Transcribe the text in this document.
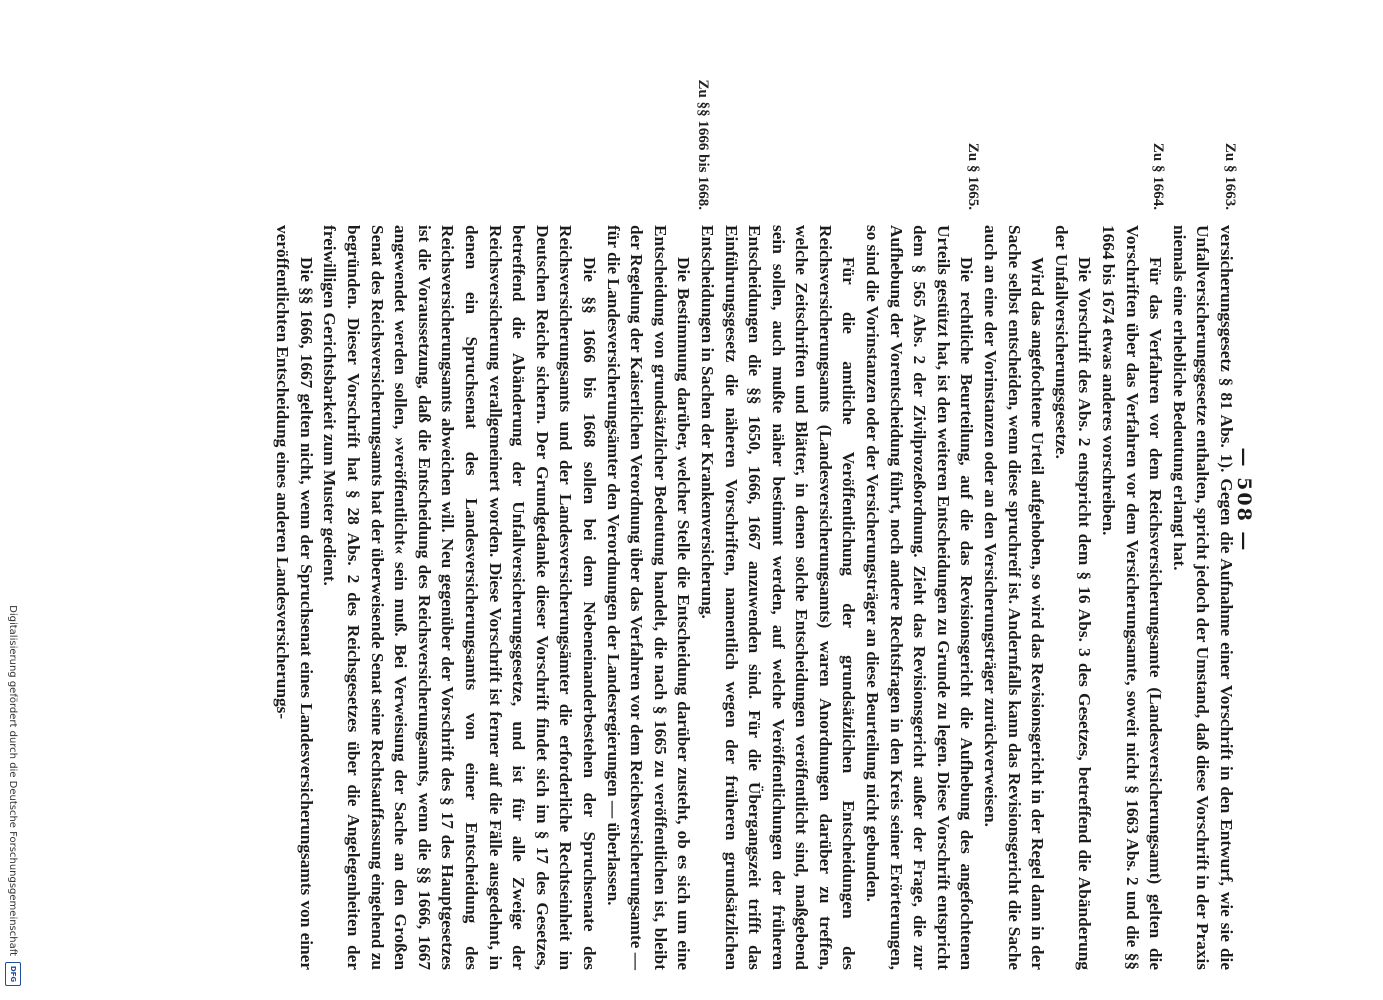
— 508 —
Zu § 1663.
Zu § 1664.
Zu § 1665.
Zu §§ 1666 bis 1668.

versicherungsgesetz § 81 Abs. 1). Gegen die Aufnahme einer Vorschrift in den Entwurf, wie sie die Unfallversicherungsgesetze enthalten, spricht jedoch der Umstand, daß diese Vorschrift in der Praxis niemals eine erhebliche Bedeutung erlangt hat.

Für das Verfahren vor dem Reichsversicherungsamte (Landesversicherungsamt) gelten die Vorschriften über das Verfahren vor dem Versicherungsamte, soweit nicht § 1663 Abs. 2 und die §§ 1664 bis 1674 etwas anderes vorschreiben.

Die Vorschrift des Abs. 2 entspricht dem § 16 Abs. 3 des Gesetzes, betreffend die Abänderung der Unfallversicherungsgesetze.

Wird das angefochtene Urteil aufgehoben, so wird das Revisionsgericht in der Regel dann in der Sache selbst entscheiden, wenn diese spruchreif ist. Andernfalls kann das Revisionsgericht die Sache auch an eine der Vorinstanzen oder an den Versicherungsträger zurückverweisen.

Die rechtliche Beurteilung, auf die das Revisionsgericht die Aufhebung des angefochtenen Urteils gestützt hat, ist den weiteren Entscheidungen zu Grunde zu legen. Diese Vorschrift entspricht dem § 565 Abs. 2 der Zivilprozeßordnung. Zieht das Revisionsgericht außer der Frage, die zur Aufhebung der Vorentscheidung führt, noch andere Rechtsfragen in den Kreis seiner Erörterungen, so sind die Vorinstanzen oder der Versicherungsträger an diese Beurteilung nicht gebunden.

Für die amtliche Veröffentlichung der grundsätzlichen Entscheidungen des Reichsversicherungsamts (Landesversicherungsamts) waren Anordnungen darüber zu treffen, welche Zeitschriften und Blätter, in denen solche Entscheidungen veröffentlicht sind, maßgebend sein sollen, auch mußte näher bestimmt werden, auf welche Veröffentlichungen der früheren Entscheidungen die §§ 1650, 1666, 1667 anzuwenden sind. Für die Übergangszeit trifft das Einführungsgesetz die näheren Vorschriften, namentlich wegen der früheren grundsätzlichen Entscheidungen in Sachen der Krankenversicherung.

Die Bestimmung darüber, welcher Stelle die Entscheidung darüber zusteht, ob es sich um eine Entscheidung von grundsätzlicher Bedeutung handelt, die nach § 1665 zu veröffentlichen ist, bleibt der Regelung der Kaiserlichen Verordnung über das Verfahren vor dem Reichsversicherungsamte — für die Landesversicherungsämter den Verordnungen der Landesregierungen — überlassen.

Die §§ 1666 bis 1668 sollen bei dem Nebeneinanderbestehen der Spruchsenate des Reichsversicherungsamts und der Landesversicherungsämter die erforderliche Rechtseinheit im Deutschen Reiche sichern. Der Grundgedanke dieser Vorschrift findet sich im § 17 des Gesetzes, betreffend die Abänderung der Unfallversicherungsgesetze, und ist für alle Zweige der Reichsversicherung verallgemeinert worden. Diese Vorschrift ist ferner auf die Fälle ausgedehnt, in denen ein Spruchsenat des Landesversicherungsamts von einer Entscheidung des Reichsversicherungsamts abweichen will. Neu gegenüber der Vorschrift des § 17 des Hauptgesetzes ist die Voraussetzung, daß die Entscheidung des Reichsversicherungsamts, wenn die §§ 1666, 1667 angewendet werden sollen, »veröffentlicht« sein muß. Bei Verweisung der Sache an den Großen Senat des Reichsversicherungsamts hat der überweisende Senat seine Rechtsauffassung eingehend zu begründen. Dieser Vorschrift hat § 28 Abs. 2 des Reichsgesetzes über die Angelegenheiten der freiwilligen Gerichtsbarkeit zum Muster gedient.

Die §§ 1666, 1667 gelten nicht, wenn der Spruchsenat eines Landesversicherungsamts von einer veröffentlichten Entscheidung eines anderen Landesversicherungs-

Digitalisierung gefördert durch die Deutsche Forschungsgemeinschaft
DFG
